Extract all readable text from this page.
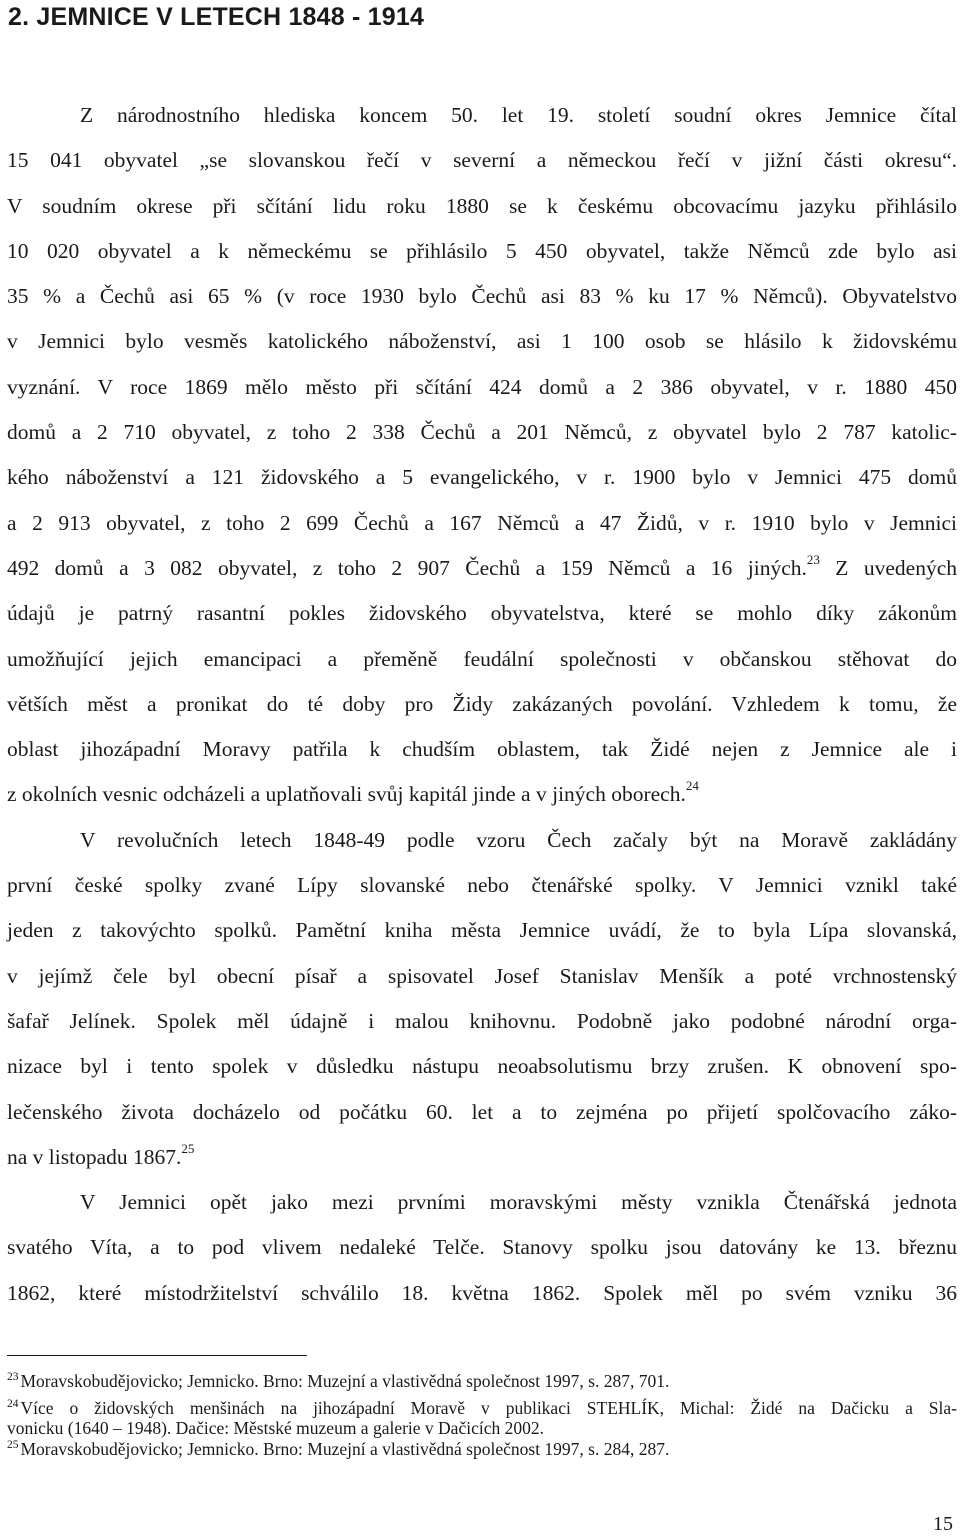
2. JEMNICE V LETECH 1848 - 1914
Z národnostního hlediska koncem 50. let 19. století soudní okres Jemnice čítal
15 041 obyvatel „se slovanskou řečí v severní a německou řečí v jižní části okresu“.
V soudním okrese při sčítání lidu roku 1880 se k českému obcovacímu jazyku přihlásilo
10 020 obyvatel a k německému se přihlásilo 5 450 obyvatel, takže Němců zde bylo asi
35 % a Čechů asi 65 % (v roce 1930 bylo Čechů asi 83 % ku 17 % Němců). Obyvatelstvo
v Jemnici bylo vesměs katolického náboženství, asi 1 100 osob se hlásilo k židovskému
vyznání. V roce 1869 mělo město při sčítání 424 domů a 2 386 obyvatel, v r. 1880 450
domů a 2 710 obyvatel, z toho 2 338 Čechů a 201 Němců, z obyvatel bylo 2 787 katolic-
kého náboženství a 121 židovského a 5 evangelického, v r. 1900 bylo v Jemnici 475 domů
a 2 913 obyvatel, z toho 2 699 Čechů a 167 Němců a 47 Židů, v r. 1910 bylo v Jemnici
492 domů a 3 082 obyvatel, z toho 2 907 Čechů a 159 Němců a 16 jiných.$^{23}$ Z uvedených
údajů je patrný rasantní pokles židovského obyvatelstva, které se mohlo díky zákonům
umožňující jejich emancipaci a přeměně feudální společnosti v občanskou stěhovat do
větších měst a pronikat do té doby pro Židy zakázaných povolání. Vzhledem k tomu, že
oblast jihozápadní Moravy patřila k chudším oblastem, tak Židé nejen z Jemnice ale i
z okolních vesnic odcházeli a uplatňovali svůj kapitál jinde a v jiných oborech.$^{24}$
V revolučních letech 1848-49 podle vzoru Čech začaly být na Moravě zakládány
první české spolky zvané Lípy slovanské nebo čtenářské spolky. V Jemnici vznikl také
jeden z takovýchto spolků. Pamětní kniha města Jemnice uvádí, že to byla Lípa slovanská,
v jejímž čele byl obecní písař a spisovatel Josef Stanislav Menšík a poté vrchnostenský
šafař Jelínek. Spolek měl údajně i malou knihovnu. Podobně jako podobné národní orga-
nizace byl i tento spolek v důsledku nástupu neoabsolutismu brzy zrušen. K obnovení spo-
lečenského života docházelo od počátku 60. let a to zejména po přijetí spolčovacího záko-
na v listopadu 1867.25
V Jemnici opět jako mezi prvními moravskými městy vznikla Čtenářská jednota
svatého Víta, a to pod vlivem nedaleké Telče. Stanovy spolku jsou datovány ke 13. březnu
1862, které místodržitelství schválilo 18. května 1862. Spolek měl po svém vzniku 36
$^{23}$ Moravskobudějovicko; Jemnicko. Brno: Muzejní a vlastivědná společnost 1997, s. 287, 701.
$^{24}$ Více o židovských menšinách na jihozápadní Moravě v publikaci STEHLÍK, Michal: Židé na Dačicku a Sla-
vonicku (1640 – 1948). Dačice: Městské muzeum a galerie v Dačicích 2002.
$^{25}$ Moravskobudějovicko; Jemnicko. Brno: Muzejní a vlastivědná společnost 1997, s. 284, 287.
15
